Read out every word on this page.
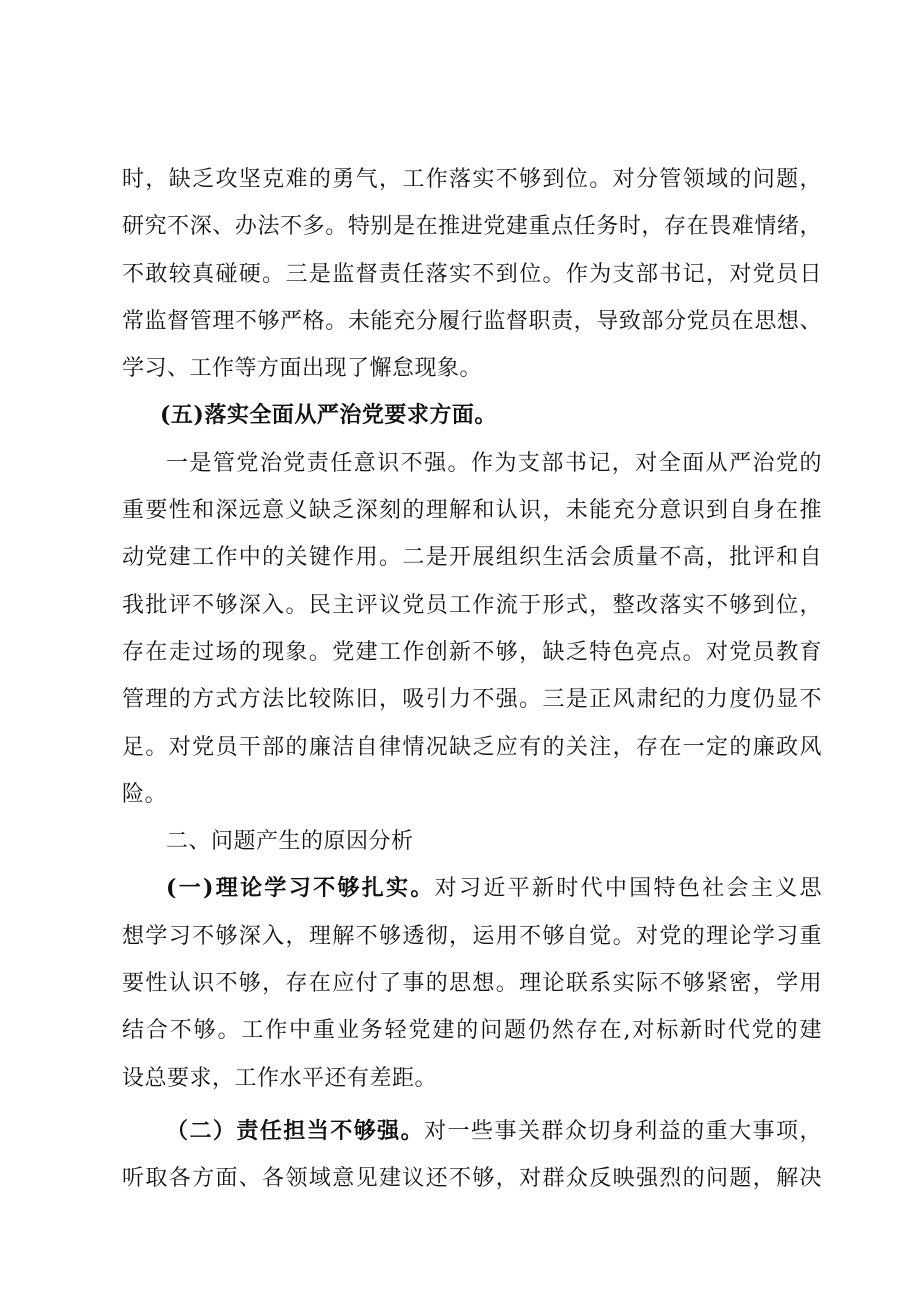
时，缺乏攻坚克难的勇气，工作落实不够到位。对分管领域的问题，
研究不深、办法不多。特别是在推进党建重点任务时，存在畏难情绪，
不敢较真碰硬。三是监督责任落实不到位。作为支部书记，对党员日
常监督管理不够严格。未能充分履行监督职责，导致部分党员在思想、
学习、工作等方面出现了懈怠现象。
(五)落实全面从严治党要求方面。
一是管党治党责任意识不强。作为支部书记，对全面从严治党的
重要性和深远意义缺乏深刻的理解和认识，未能充分意识到自身在推
动党建工作中的关键作用。二是开展组织生活会质量不高，批评和自
我批评不够深入。民主评议党员工作流于形式，整改落实不够到位，
存在走过场的现象。党建工作创新不够，缺乏特色亮点。对党员教育
管理的方式方法比较陈旧，吸引力不强。三是正风肃纪的力度仍显不
足。对党员干部的廉洁自律情况缺乏应有的关注，存在一定的廉政风
险。
二、问题产生的原因分析
(一)理论学习不够扎实。对习近平新时代中国特色社会主义思
想学习不够深入，理解不够透彻，运用不够自觉。对党的理论学习重
要性认识不够，存在应付了事的思想。理论联系实际不够紧密，学用
结合不够。工作中重业务轻党建的问题仍然存在,对标新时代党的建
设总要求，工作水平还有差距。
（二）责任担当不够强。对一些事关群众切身利益的重大事项，
听取各方面、各领域意见建议还不够，对群众反映强烈的问题，解决
